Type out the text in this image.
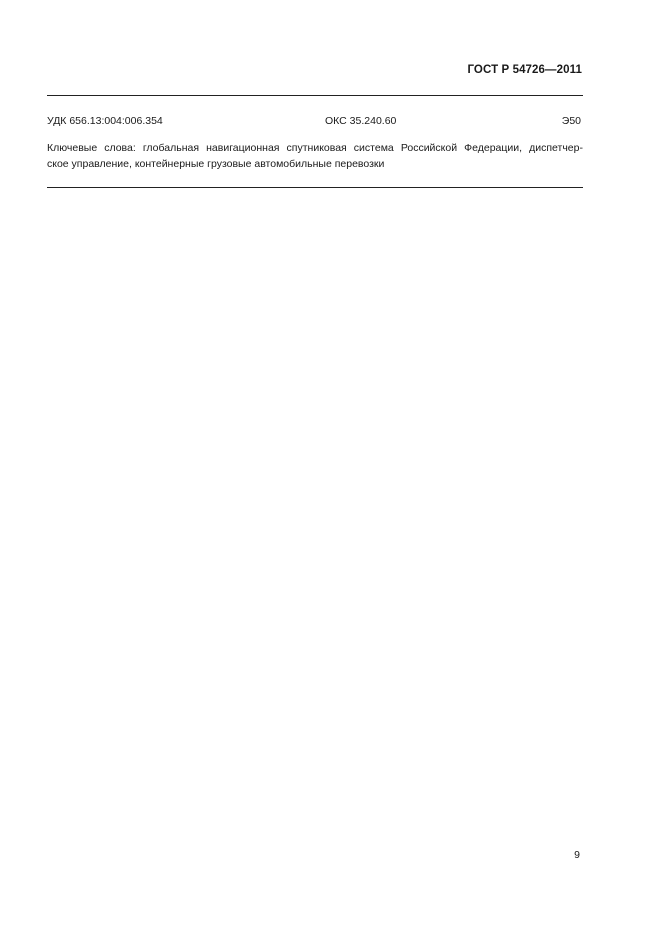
ГОСТ Р 54726—2011
УДК 656.13:004:006.354	ОКС 35.240.60	Э50
Ключевые слова: глобальная навигационная спутниковая система Российской Федерации, диспетчер-
ское управление, контейнерные грузовые автомобильные перевозки
9
